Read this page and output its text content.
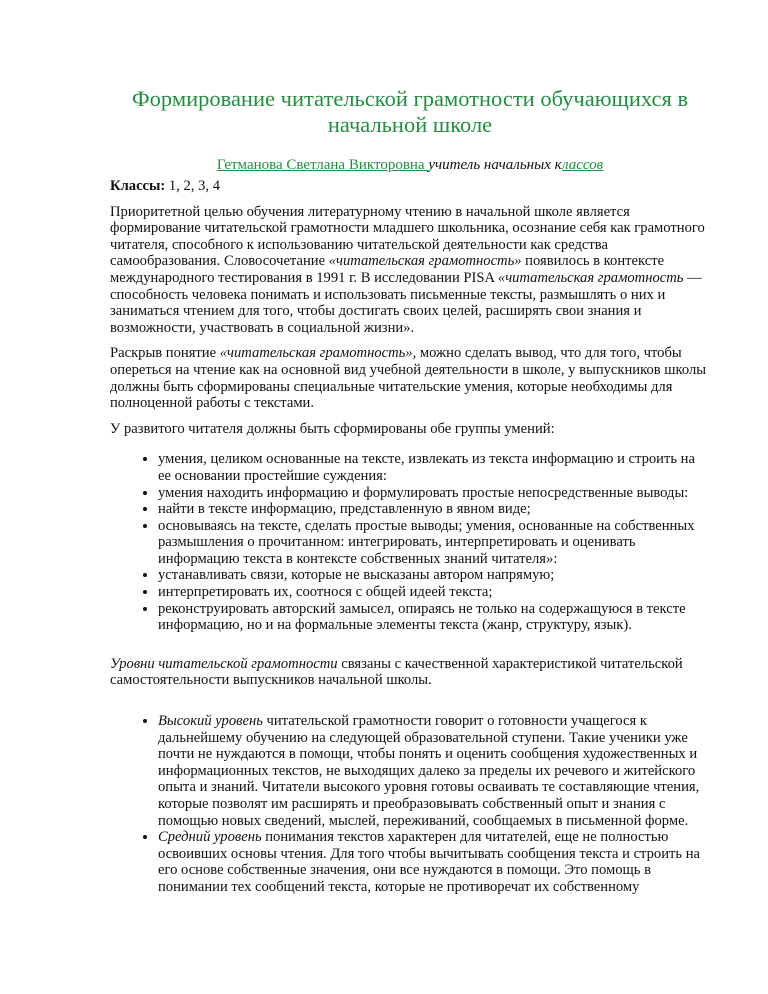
Формирование читательской грамотности обучающихся в начальной школе
Гетманова Светлана Викторовна учитель начальных классов

Классы: 1, 2, 3, 4

Приоритетной целью обучения литературному чтению в начальной школе является формирование читательской грамотности младшего школьника, осознание себя как грамотного читателя, способного к использованию читательской деятельности как средства самообразования. Словосочетание «читательская грамотность» появилось в контексте международного тестирования в 1991 г. В исследовании PISA «читательская грамотность — способность человека понимать и использовать письменные тексты, размышлять о них и заниматься чтением для того, чтобы достигать своих целей, расширять свои знания и возможности, участвовать в социальной жизни».

Раскрыв понятие «читательская грамотность», можно сделать вывод, что для того, чтобы опереться на чтение как на основной вид учебной деятельности в школе, у выпускников школы должны быть сформированы специальные читательские умения, которые необходимы для полноценной работы с текстами.

У развитого читателя должны быть сформированы обе группы умений:

• умения, целиком основанные на тексте, извлекать из текста информацию и строить на ее основании простейшие суждения:
• умения находить информацию и формулировать простые непосредственные выводы:
• найти в тексте информацию, представленную в явном виде;
• основываясь на тексте, сделать простые выводы; умения, основанные на собственных размышления о прочитанном: интегрировать, интерпретировать и оценивать информацию текста в контексте собственных знаний читателя»:
• устанавливать связи, которые не высказаны автором напрямую;
• интерпретировать их, соотнося с общей идеей текста;
• реконструировать авторский замысел, опираясь не только на содержащуюся в тексте информацию, но и на формальные элементы текста (жанр, структуру, язык).

Уровни читательской грамотности связаны с качественной характеристикой читательской самостоятельности выпускников начальной школы.

• Высокий уровень читательской грамотности говорит о готовности учащегося к дальнейшему обучению на следующей образовательной ступени. Такие ученики уже почти не нуждаются в помощи, чтобы понять и оценить сообщения художественных и информационных текстов, не выходящих далеко за пределы их речевого и житейского опыта и знаний. Читатели высокого уровня готовы осваивать те составляющие чтения, которые позволят им расширять и преобразовывать собственный опыт и знания с помощью новых сведений, мыслей, переживаний, сообщаемых в письменной форме.
• Средний уровень понимания текстов характерен для читателей, еще не полностью освоивших основы чтения. Для того чтобы вычитывать сообщения текста и строить на его основе собственные значения, они все нуждаются в помощи. Это помощь в понимании тех сообщений текста, которые не противоречат их собственному
